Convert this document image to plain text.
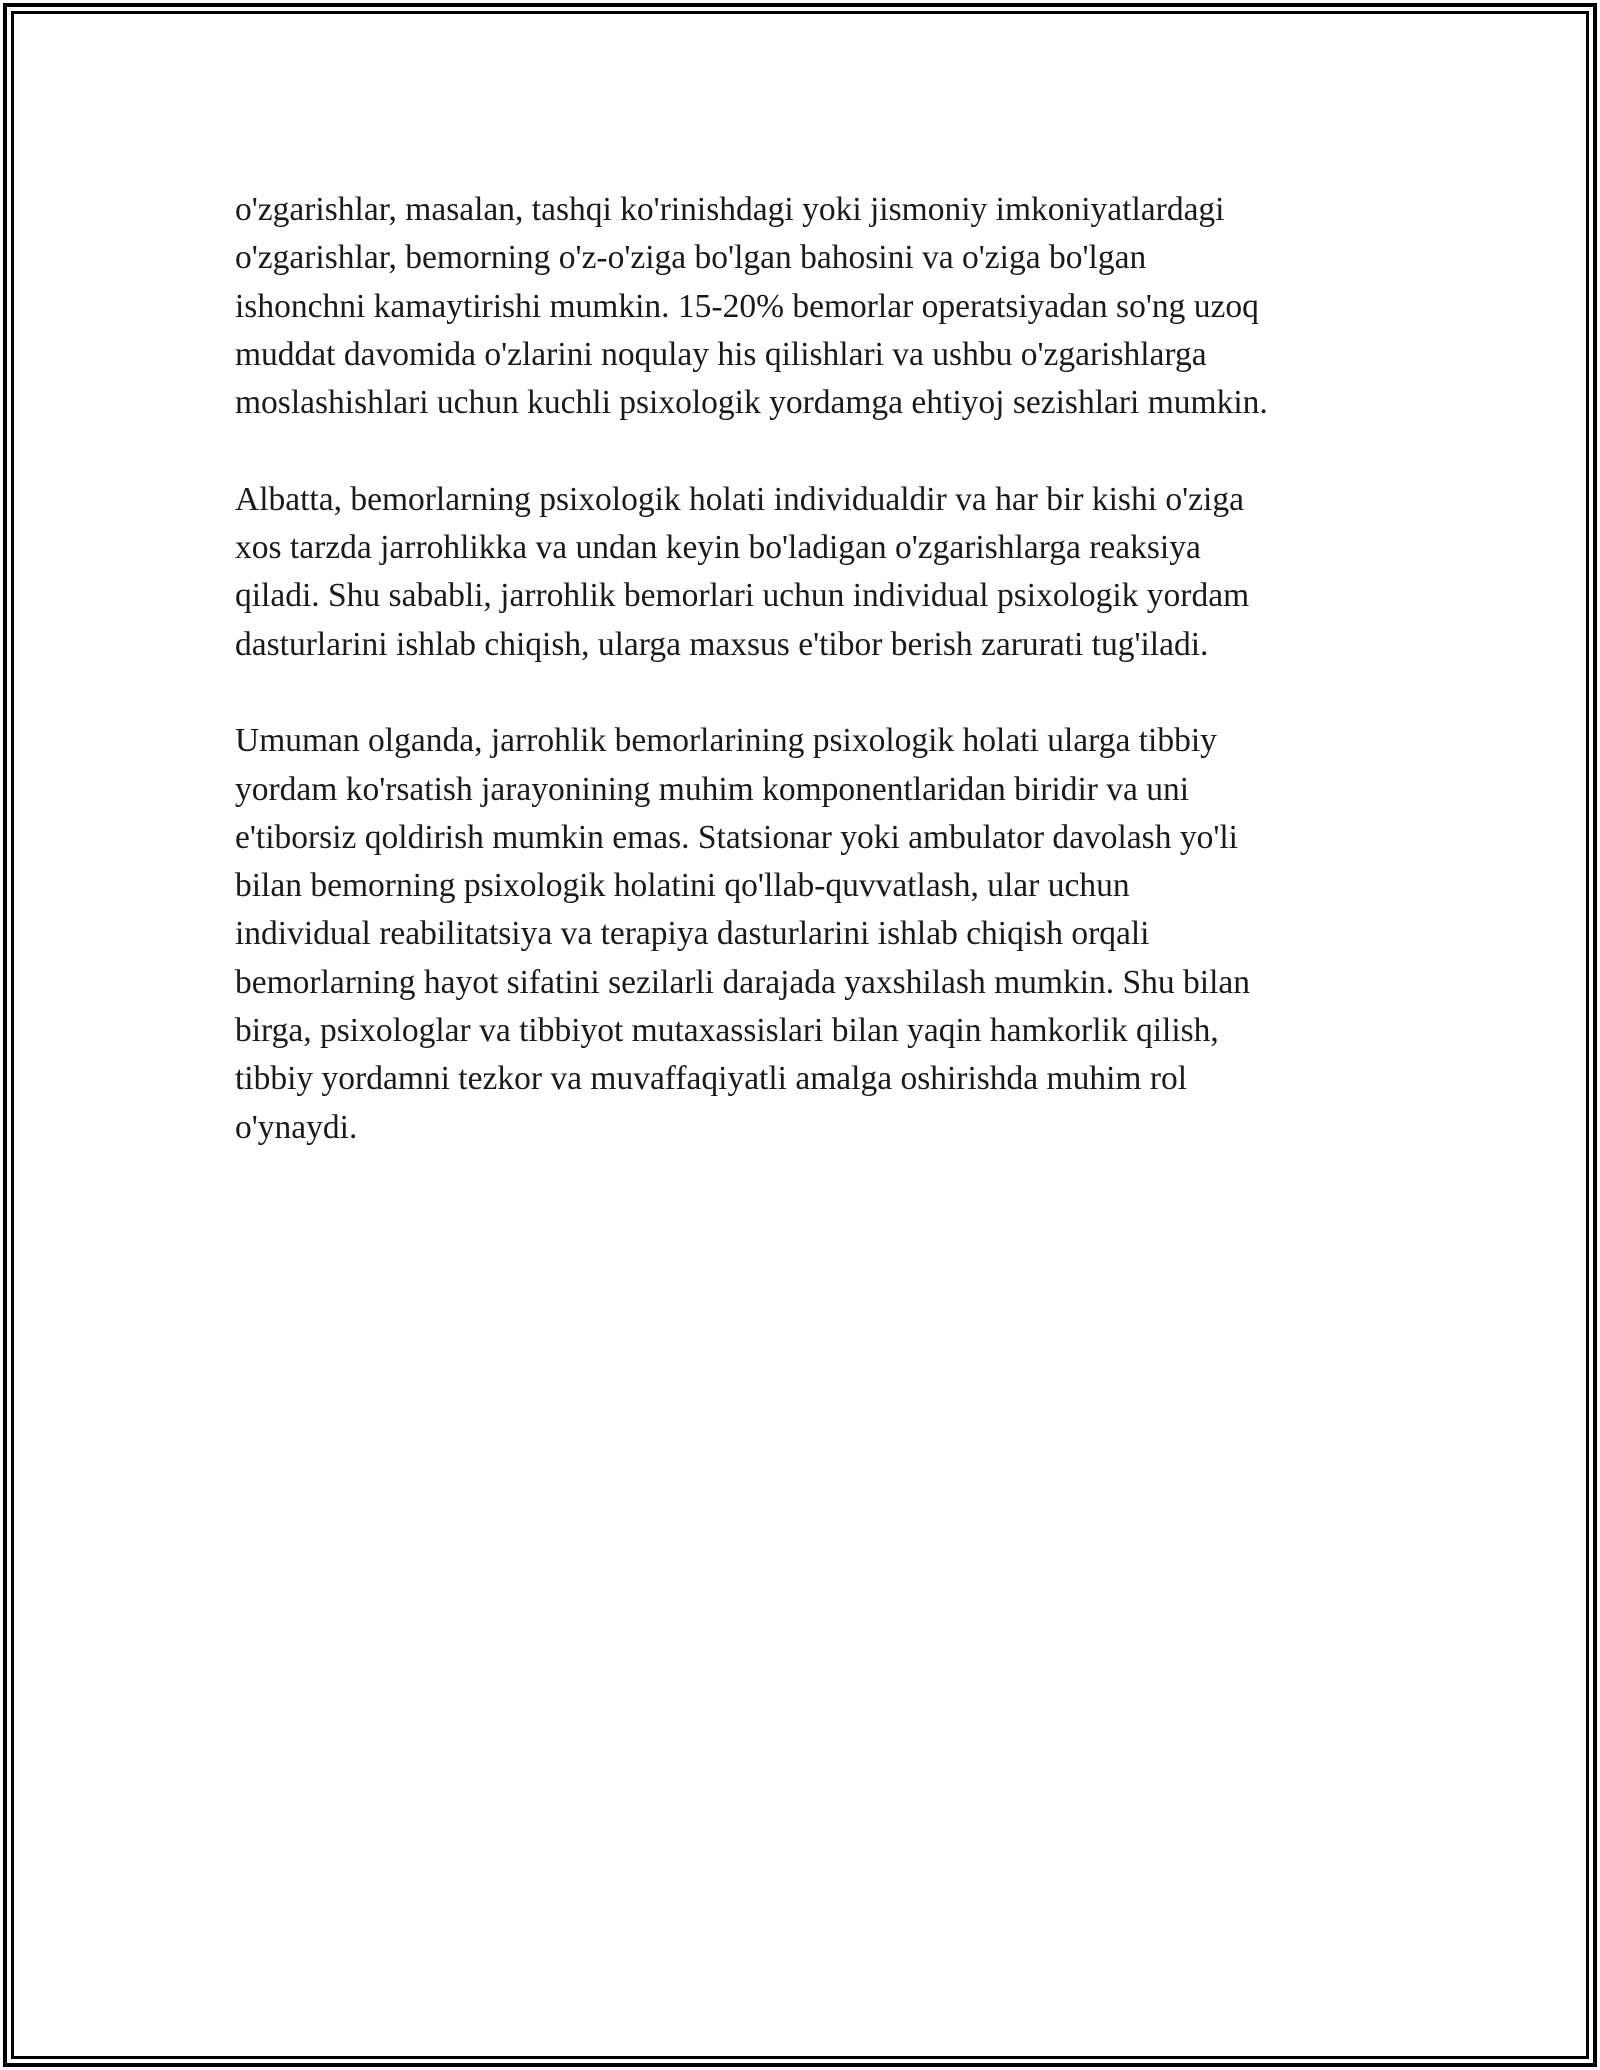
o'zgarishlar, masalan, tashqi ko'rinishdagi yoki jismoniy imkoniyatlardagi
o'zgarishlar, bemorning o'z-o'ziga bo'lgan bahosini va o'ziga bo'lgan
ishonchni kamaytirishi mumkin. 15-20% bemorlar operatsiyadan so'ng uzoq
muddat davomida o'zlarini noqulay his qilishlari va ushbu o'zgarishlarga
moslashishlari uchun kuchli psixologik yordamga ehtiyoj sezishlari mumkin.

Albatta, bemorlarning psixologik holati individualdir va har bir kishi o'ziga
xos tarzda jarrohlikka va undan keyin bo'ladigan o'zgarishlarga reaksiya
qiladi. Shu sababli, jarrohlik bemorlari uchun individual psixologik yordam
dasturlarini ishlab chiqish, ularga maxsus e'tibor berish zarurati tug'iladi.

Umuman olganda, jarrohlik bemorlarining psixologik holati ularga tibbiy
yordam ko'rsatish jarayonining muhim komponentlaridan biridir va uni
e'tiborsiz qoldirish mumkin emas. Statsionar yoki ambulator davolash yo'li
bilan bemorning psixologik holatini qo'llab-quvvatlash, ular uchun
individual reabilitatsiya va terapiya dasturlarini ishlab chiqish orqali
bemorlarning hayot sifatini sezilarli darajada yaxshilash mumkin. Shu bilan
birga, psixologlar va tibbiyot mutaxassislari bilan yaqin hamkorlik qilish,
tibbiy yordamni tezkor va muvaffaqiyatli amalga oshirishda muhim rol
o'ynaydi.
